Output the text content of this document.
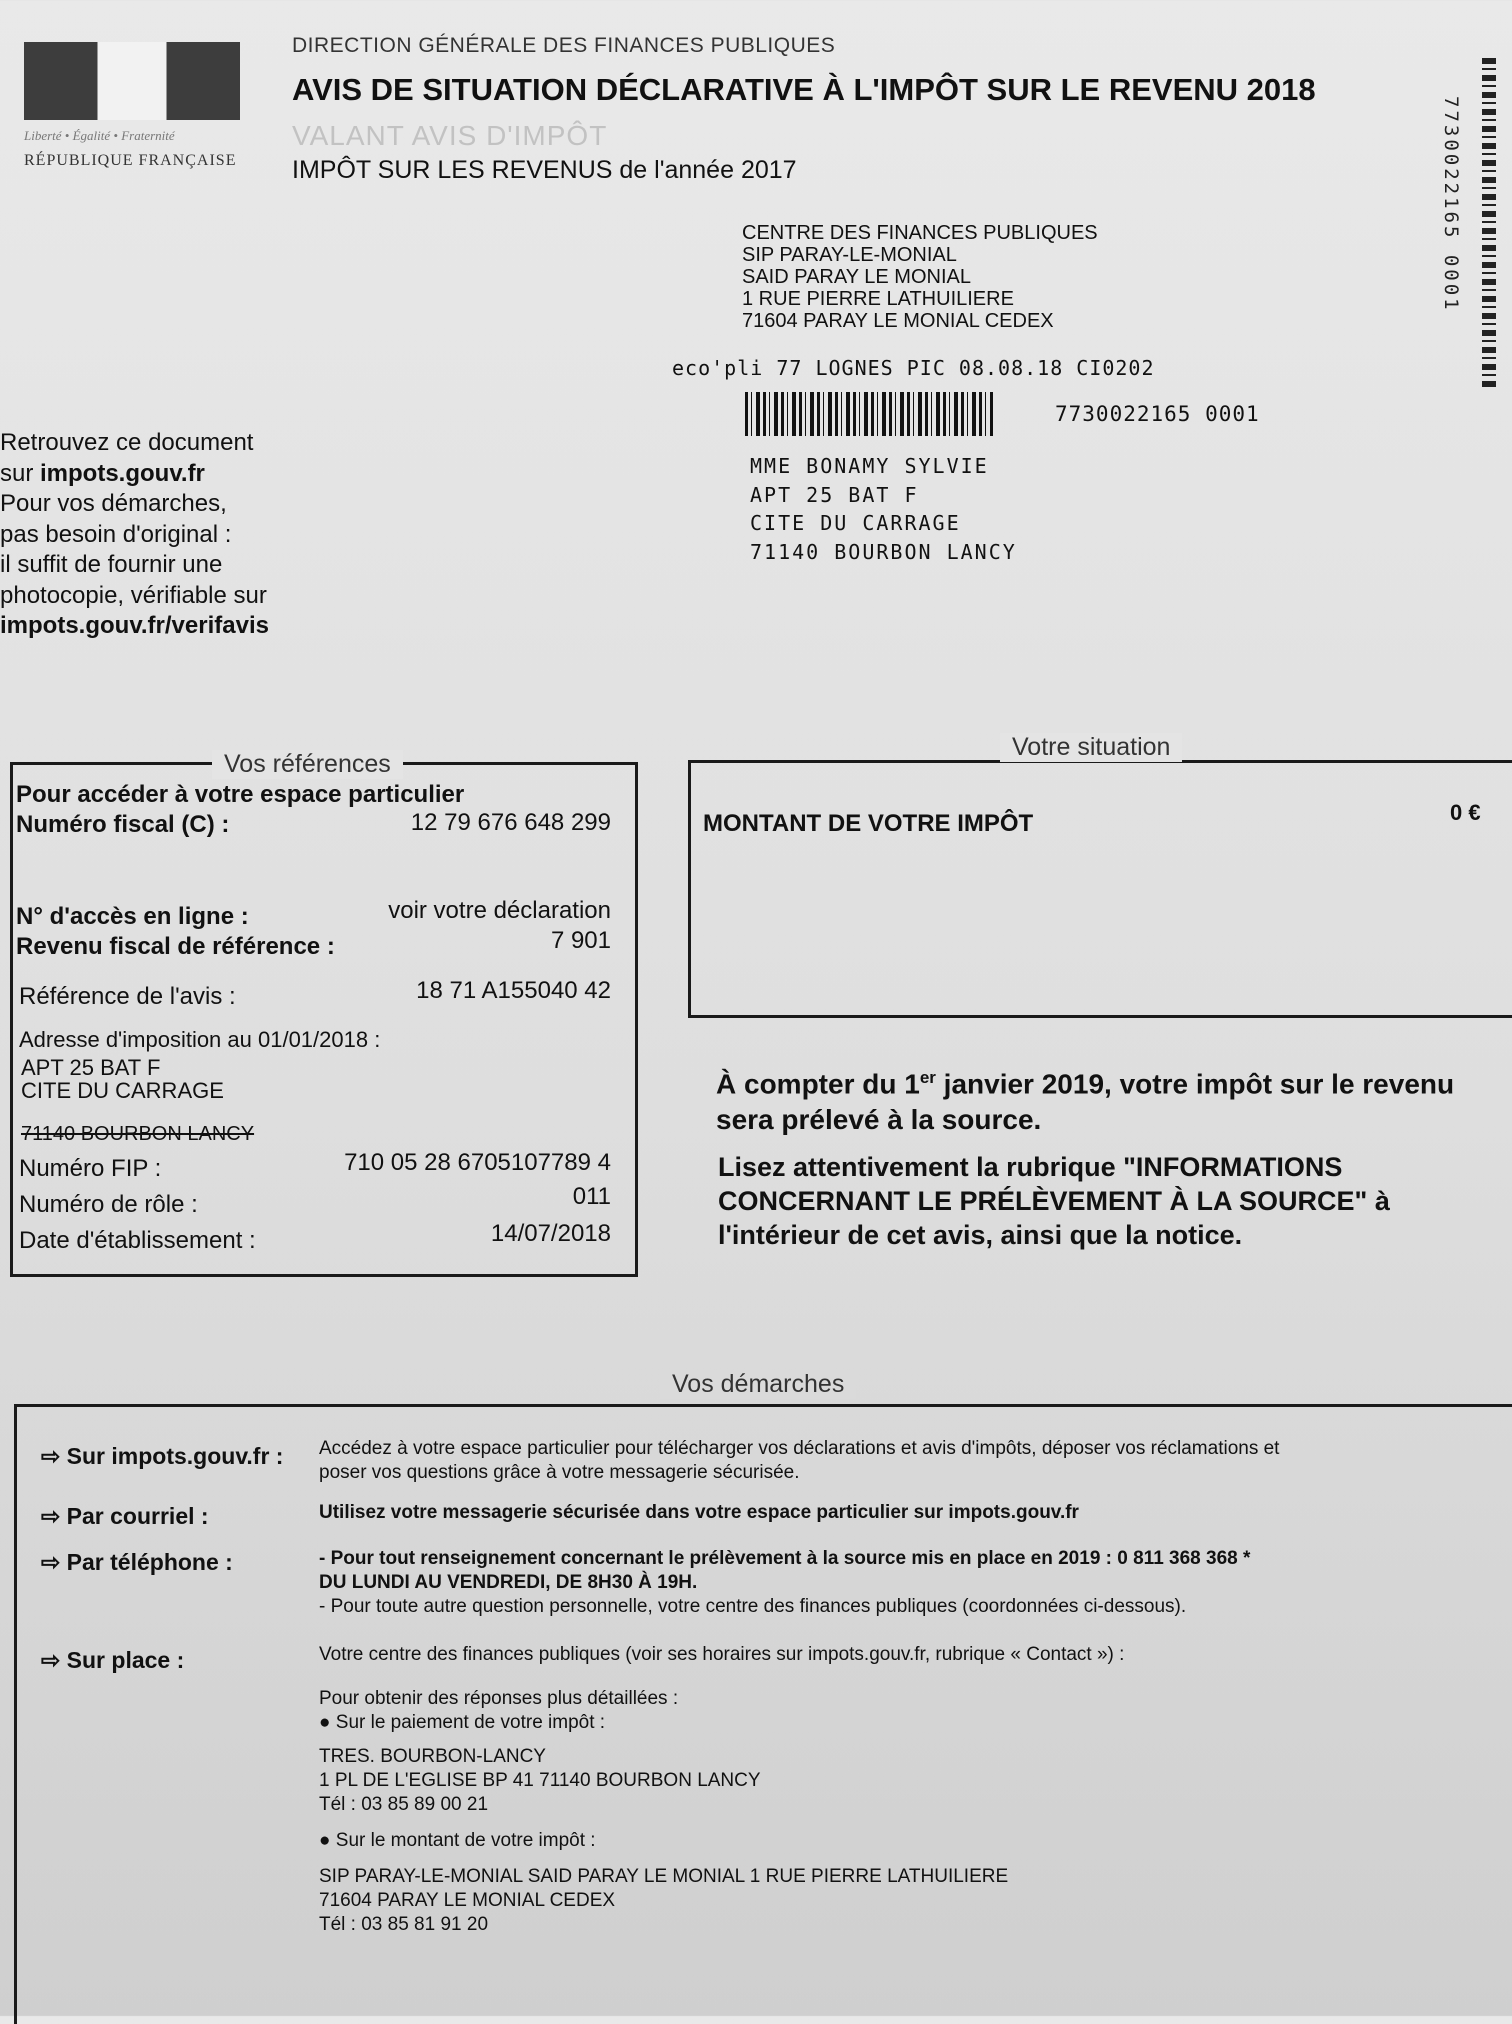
Liberté • Égalité • Fraternité
RÉPUBLIQUE FRANÇAISE
DIRECTION GÉNÉRALE DES FINANCES PUBLIQUES
AVIS DE SITUATION DÉCLARATIVE À L'IMPÔT SUR LE REVENU 2018
VALANT AVIS D'IMPÔT
IMPÔT SUR LES REVENUS de l'année 2017
CENTRE DES FINANCES PUBLIQUES
SIP PARAY-LE-MONIAL
SAID PARAY LE MONIAL
1 RUE PIERRE LATHUILIERE
71604 PARAY LE MONIAL CEDEX
7730022165 0001
eco'pli 77 LOGNES PIC 08.08.18 CI0202
7730022165 0001
MME BONAMY SYLVIE
APT 25 BAT F
CITE DU CARRAGE
71140 BOURBON LANCY
Retrouvez ce document
sur impots.gouv.fr
Pour vos démarches,
pas besoin d'original :
il suffit de fournir une
photocopie, vérifiable sur
impots.gouv.fr/verifavis
Pour accéder à votre espace particulier
Numéro fiscal (C) :	12 79 676 648 299
N° d'accès en ligne :	voir votre déclaration
Revenu fiscal de référence :	7 901
Référence de l'avis :	18 71 A155040 42
Adresse d'imposition au 01/01/2018 :
APT 25 BAT F
CITE DU CARRAGE
71140 BOURBON LANCY
Numéro FIP :	710 05 28 6705107789 4
Numéro de rôle :	011
Date d'établissement :	14/07/2018
Vos références
Votre situation
MONTANT DE VOTRE IMPÔT	0 €
À compter du 1er janvier 2019, votre impôt sur le revenu sera prélevé à la source.
Lisez attentivement la rubrique "INFORMATIONS CONCERNANT LE PRÉLÈVEMENT À LA SOURCE" à l'intérieur de cet avis, ainsi que la notice.
⇨ Sur impots.gouv.fr : Accédez à votre espace particulier pour télécharger vos déclarations et avis d'impôts, déposer vos réclamations et
poser vos questions grâce à votre messagerie sécurisée.
⇨ Par courriel :	Utilisez votre messagerie sécurisée dans votre espace particulier sur impots.gouv.fr
⇨ Par téléphone :	- Pour tout renseignement concernant le prélèvement à la source mis en place en 2019 : 0 811 368 368 *
DU LUNDI AU VENDREDI, DE 8H30 À 19H.
- Pour toute autre question personnelle, votre centre des finances publiques (coordonnées ci-dessous).
⇨ Sur place :	Votre centre des finances publiques (voir ses horaires sur impots.gouv.fr, rubrique « Contact ») :
Pour obtenir des réponses plus détaillées :
● Sur le paiement de votre impôt :
TRES. BOURBON-LANCY
1 PL DE L'EGLISE BP 41 71140 BOURBON LANCY
Tél : 03 85 89 00 21
● Sur le montant de votre impôt :
SIP PARAY-LE-MONIAL SAID PARAY LE MONIAL 1 RUE PIERRE LATHUILIERE
71604 PARAY LE MONIAL CEDEX
Tél : 03 85 81 91 20
Vos démarches
